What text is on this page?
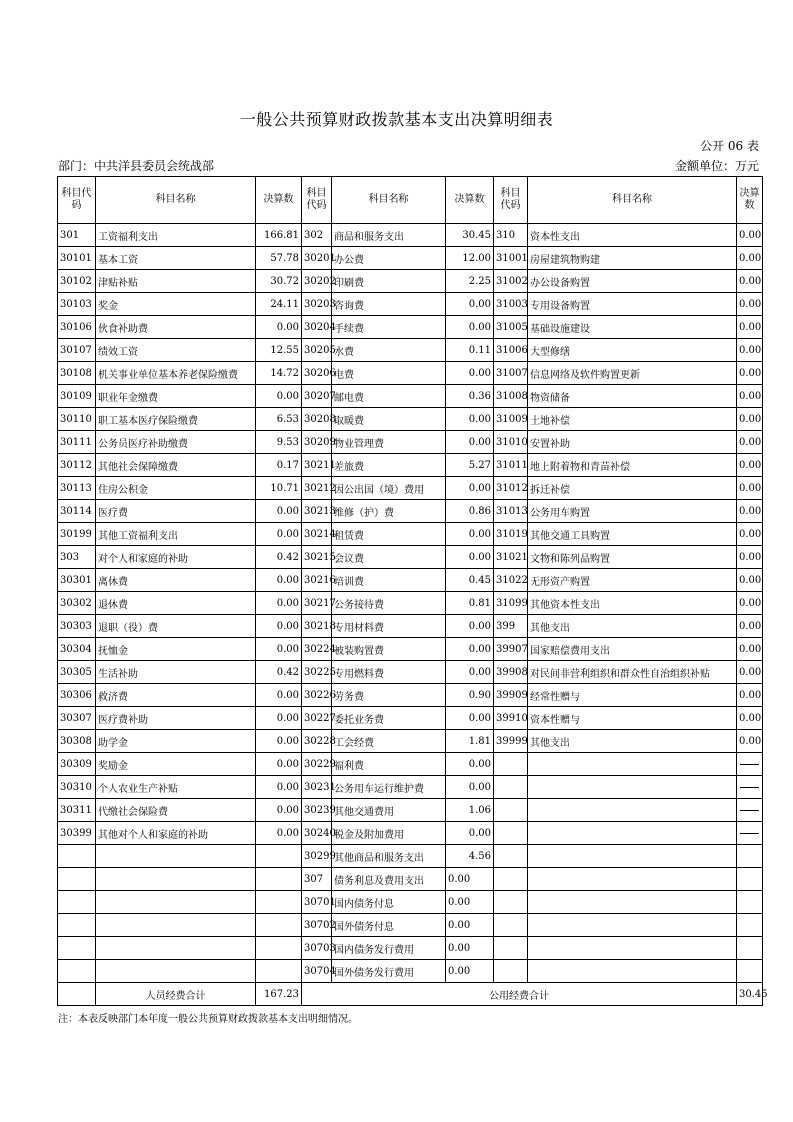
一般公共预算财政拨款基本支出决算明细表
公开 06 表
部门：中共洋县委员会统战部	金额单位：万元
科目代码	科目名称	决算数	科目代码	科目名称	决算数	科目代码	科目名称	决算数
301	工资福利支出	166.81	302	商品和服务支出	30.45	310	资本性支出	0.00
30101	基本工资	57.78	30201	办公费	12.00	31001	房屋建筑物购建	0.00
30102	津贴补贴	30.72	30202	印刷费	2.25	31002	办公设备购置	0.00
30103	奖金	24.11	30203	咨询费	0.00	31003	专用设备购置	0.00
30106	伙食补助费	0.00	30204	手续费	0.00	31005	基础设施建设	0.00
30107	绩效工资	12.55	30205	水费	0.11	31006	大型修缮	0.00
30108	机关事业单位基本养老保险缴费	14.72	30206	电费	0.00	31007	信息网络及软件购置更新	0.00
30109	职业年金缴费	0.00	30207	邮电费	0.36	31008	物资储备	0.00
30110	职工基本医疗保险缴费	6.53	30208	取暖费	0.00	31009	土地补偿	0.00
30111	公务员医疗补助缴费	9.53	30209	物业管理费	0.00	31010	安置补助	0.00
30112	其他社会保障缴费	0.17	30211	差旅费	5.27	31011	地上附着物和青苗补偿	0.00
30113	住房公积金	10.71	30212	因公出国（境）费用	0.00	31012	拆迁补偿	0.00
30114	医疗费	0.00	30213	维修（护）费	0.86	31013	公务用车购置	0.00
30199	其他工资福利支出	0.00	30214	租赁费	0.00	31019	其他交通工具购置	0.00
303	对个人和家庭的补助	0.42	30215	会议费	0.00	31021	文物和陈列品购置	0.00
30301	离休费	0.00	30216	培训费	0.45	31022	无形资产购置	0.00
30302	退休费	0.00	30217	公务接待费	0.81	31099	其他资本性支出	0.00
30303	退职（役）费	0.00	30218	专用材料费	0.00	399	其他支出	0.00
30304	抚恤金	0.00	30224	被装购置费	0.00	39907	国家赔偿费用支出	0.00
30305	生活补助	0.42	30225	专用燃料费	0.00	39908	对民间非营利组织和群众性自治组织补贴	0.00
30306	救济费	0.00	30226	劳务费	0.90	39909	经常性赠与	0.00
30307	医疗费补助	0.00	30227	委托业务费	0.00	39910	资本性赠与	0.00
30308	助学金	0.00	30228	工会经费	1.81	39999	其他支出	0.00
30309	奖励金	0.00	30229	福利费	0.00			

30310	个人农业生产补贴	0.00	30231	公务用车运行维护费	0.00			

30311	代缴社会保险费	0.00	30239	其他交通费用	1.06			

30399	其他对个人和家庭的补助	0.00	30240	税金及附加费用	0.00			

			30299	其他商品和服务支出	4.56			
			307	债务利息及费用支出	0.00			
			30701	国内债务付息	0.00			
			30702	国外债务付息	0.00			
			30703	国内债务发行费用	0.00			
			30704	国外债务发行费用	0.00			
	人员经费合计	167.23	公用经费合计					30.45
注：本表反映部门本年度一般公共预算财政拨款基本支出明细情况。
